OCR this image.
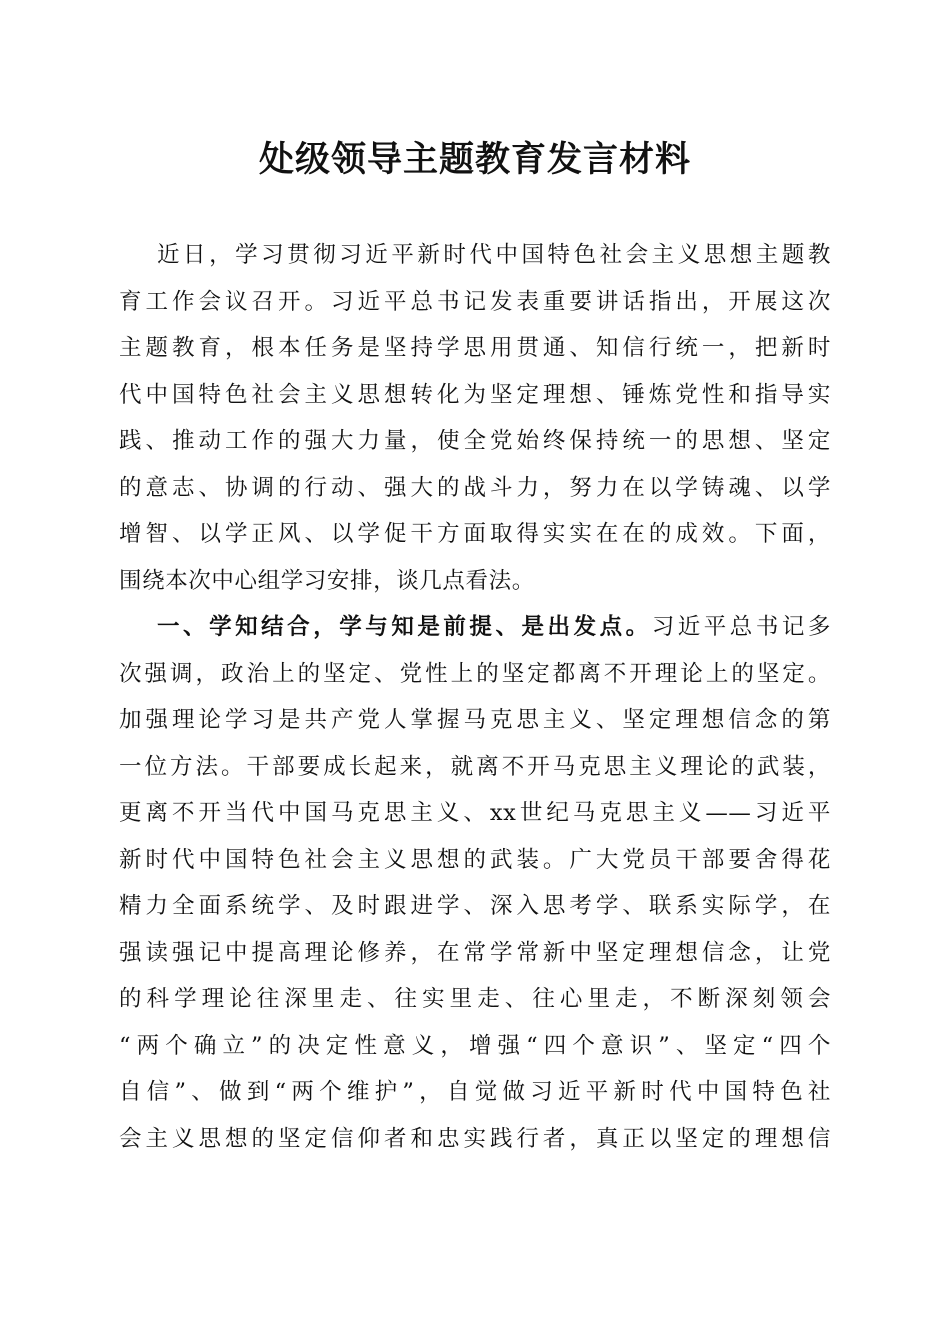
处级领导主题教育发言材料
近日，学习贯彻习近平新时代中国特色社会主义思想主题教
育工作会议召开。习近平总书记发表重要讲话指出，开展这次
主题教育，根本任务是坚持学思用贯通、知信行统一，把新时
代中国特色社会主义思想转化为坚定理想、锤炼党性和指导实
践、推动工作的强大力量，使全党始终保持统一的思想、坚定
的意志、协调的行动、强大的战斗力，努力在以学铸魂、以学
增智、以学正风、以学促干方面取得实实在在的成效。下面，
围绕本次中心组学习安排，谈几点看法。
一、学知结合，学与知是前提、是出发点。习近平总书记多
次强调，政治上的坚定、党性上的坚定都离不开理论上的坚定。
加强理论学习是共产党人掌握马克思主义、坚定理想信念的第
一位方法。干部要成长起来，就离不开马克思主义理论的武装，
更离不开当代中国马克思主义、xx世纪马克思主义——习近平
新时代中国特色社会主义思想的武装。广大党员干部要舍得花
精力全面系统学、及时跟进学、深入思考学、联系实际学，在
强读强记中提高理论修养，在常学常新中坚定理想信念，让党
的科学理论往深里走、往实里走、往心里走，不断深刻领会
“两个确立”的决定性意义，增强“四个意识”、坚定“四个
自信”、做到“两个维护”，自觉做习近平新时代中国特色社
会主义思想的坚定信仰者和忠实践行者，真正以坚定的理想信
